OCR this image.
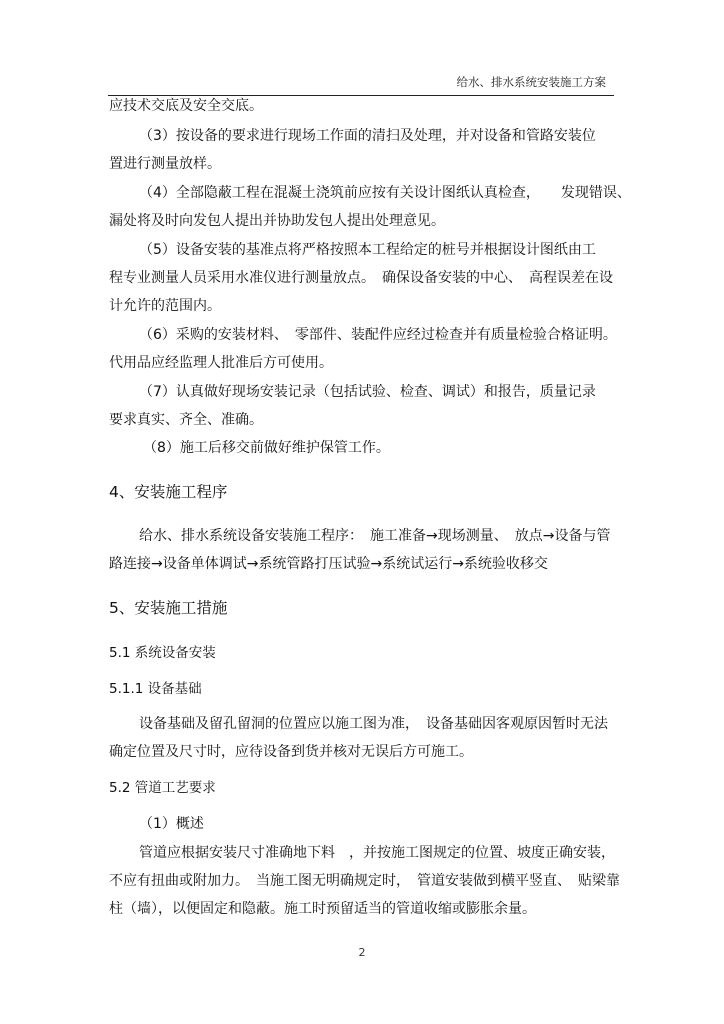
给水、排水系统安装施工方案
应技术交底及安全交底。
（3）按设备的要求进行现场工作面的清扫及处理，并对设备和管路安装位
置进行测量放样。
（4）全部隐蔽工程在混凝土浇筑前应按有关设计图纸认真检查，　　发现错误、
漏处将及时向发包人提出并协助发包人提出处理意见。
（5）设备安装的基准点将严格按照本工程给定的桩号并根据设计图纸由工
程专业测量人员采用水准仪进行测量放点。　确保设备安装的中心、　高程误差在设
计允许的范围内。
（6）采购的安装材料、　零部件、装配件应经过检查并有质量检验合格证明。
代用品应经监理人批准后方可使用。
（7）认真做好现场安装记录（包括试验、检查、调试）和报告，质量记录
要求真实、齐全、准确。
（8）施工后移交前做好维护保管工作。
4、安装施工程序
给水、排水系统设备安装施工程序：　施工准备→现场测量、　放点→设备与管
路连接→设备单体调试→系统管路打压试验→系统试运行→系统验收移交
5、安装施工措施
5.1 系统设备安装
5.1.1 设备基础
设备基础及留孔留洞的位置应以施工图为准，　设备基础因客观原因暂时无法
确定位置及尺寸时，应待设备到货并核对无误后方可施工。
5.2 管道工艺要求
（1）概述
管道应根据安装尺寸准确地下料　，并按施工图规定的位置、坡度正确安装，
不应有扭曲或附加力。　当施工图无明确规定时，　管道安装做到横平竖直、　贴梁靠
柱（墙），以便固定和隐蔽。施工时预留适当的管道收缩或膨胀余量。
2
